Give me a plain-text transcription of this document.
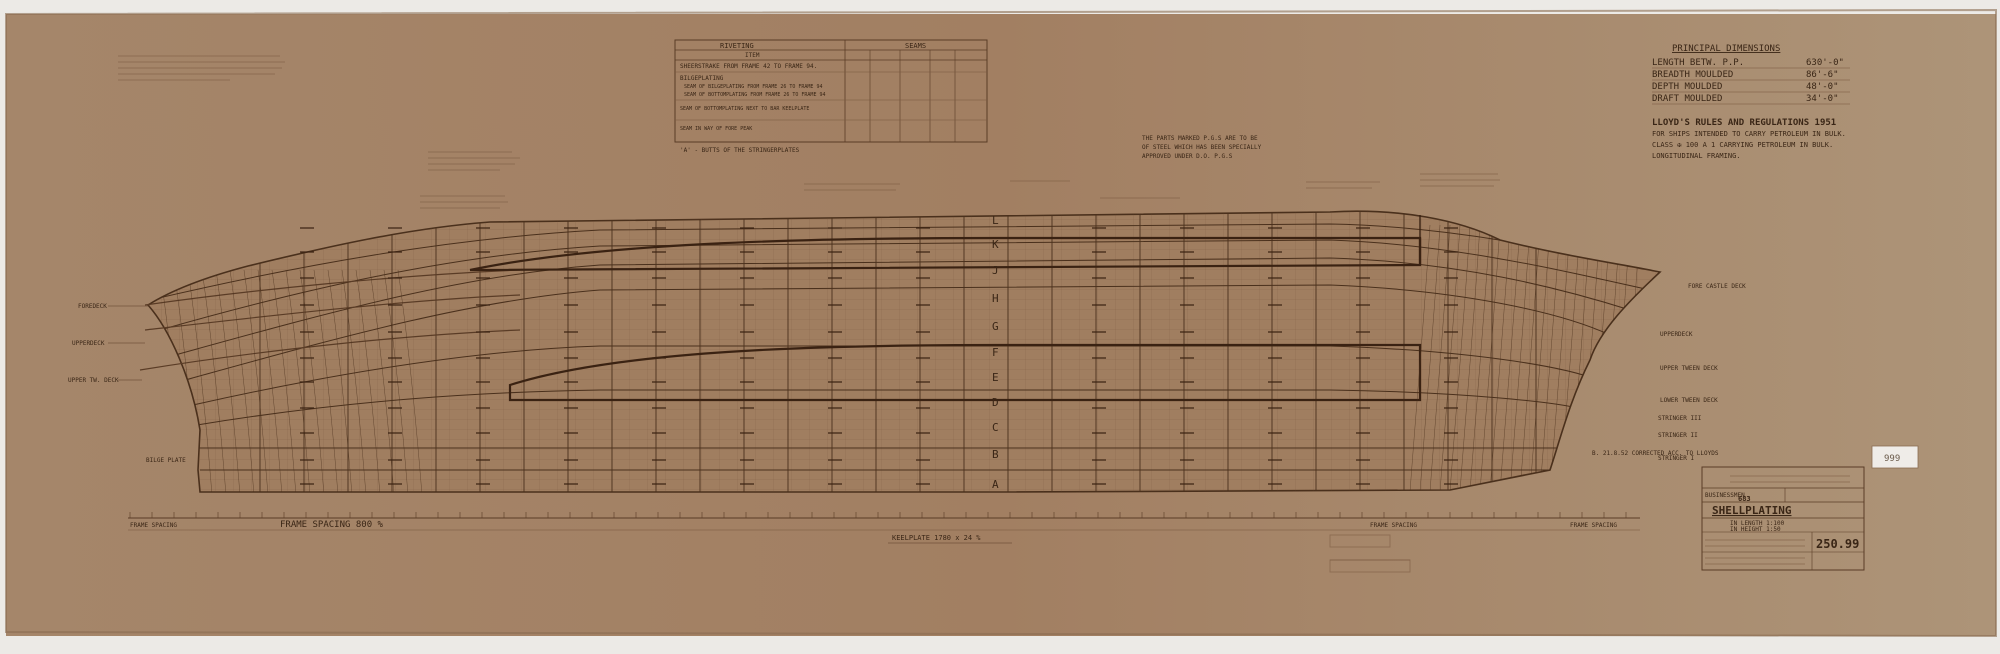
L
K
J
H
G
F
E
D
C
B
A
RIVETING
ITEM
SEAMS
SHEERSTRAKE FROM FRAME 42 TO FRAME 94.
BILGEPLATING
SEAM OF BILGEPLATING FROM FRAME 26 TO FRAME 94
SEAM OF BOTTOMPLATING FROM FRAME 26 TO FRAME 94
SEAM OF BOTTOMPLATING NEXT TO BAR KEELPLATE
SEAM IN WAY OF FORE PEAK
'A' - BUTTS OF THE STRINGERPLATES
PRINCIPAL DIMENSIONS
LENGTH BETW. P.P.	630'-0"
BREADTH MOULDED	86'-6"
DEPTH MOULDED	48'-0"
DRAFT MOULDED	34'-0"
LLOYD'S RULES AND REGULATIONS 1951
FOR SHIPS INTENDED TO CARRY PETROLEUM IN BULK.
CLASS ✠ 100 A 1 CARRYING PETROLEUM IN BULK.
LONGITUDINAL FRAMING.
THE PARTS MARKED P.G.S ARE TO BE
OF STEEL WHICH HAS BEEN SPECIALLY
APPROVED UNDER D.O. P.G.S
FOREDECK
UPPERDECK
UPPER TW. DECK
BILGE PLATE
FORE CASTLE DECK
UPPERDECK
UPPER TWEEN DECK
LOWER TWEEN DECK
STRINGER III
STRINGER II
STRINGER I
FRAME SPACING	FRAME SPACING 800 %	FRAME SPACING	FRAME SPACING
KEELPLATE 1780 x 24 %
B. 21.8.52 CORRECTED ACC. TO LLOYDS
999
BUSINESSMEN
683
SHELLPLATING
IN LENGTH 1:100
IN HEIGHT 1:50
250.99
